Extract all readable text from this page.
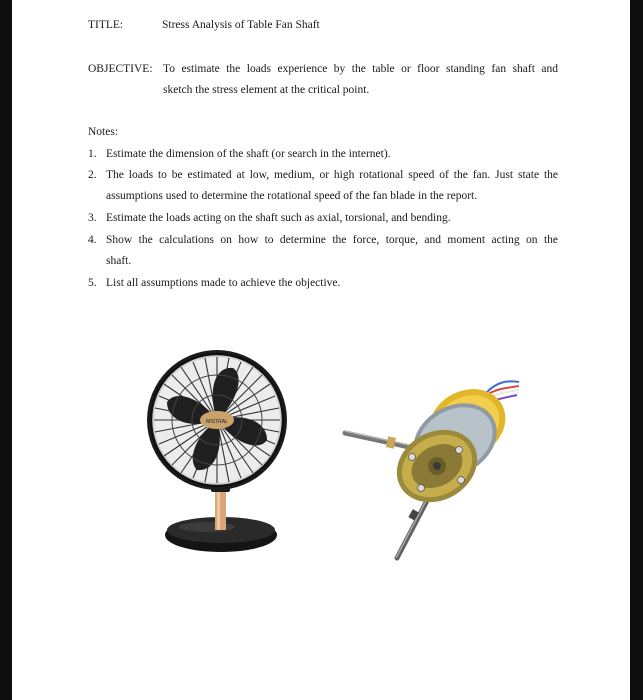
TITLE:	Stress Analysis of Table Fan Shaft
OBJECTIVE: To estimate the loads experience by the table or floor standing fan shaft and
sketch the stress element at the critical point.
Notes:
1. Estimate the dimension of the shaft (or search in the internet).
2. The loads to be estimated at low, medium, or high rotational speed of the fan. Just state the
assumptions used to determine the rotational speed of the fan blade in the report.
3. Estimate the loads acting on the shaft such as axial, torsional, and bending.
4. Show the calculations on how to determine the force, torque, and moment acting on the
shaft.
5. List all assumptions made to achieve the objective.
MISTRAL
